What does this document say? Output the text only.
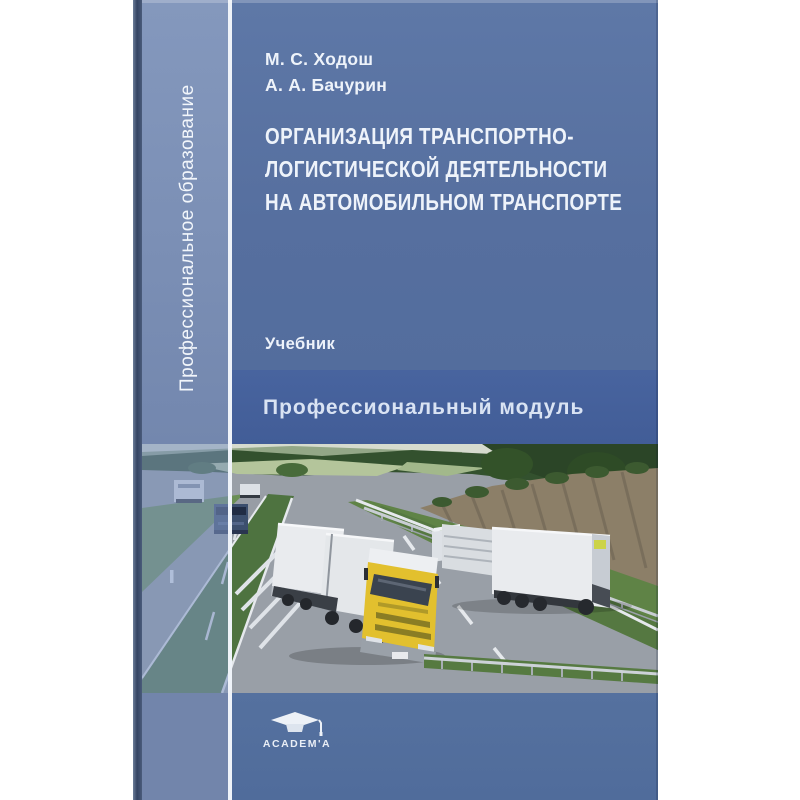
Профессиональное образование
М. С. Ходош
А. А. Бачурин
ОРГАНИЗАЦИЯ ТРАНСПОРТНО-
ЛОГИСТИЧЕСКОЙ ДЕЯТЕЛЬНОСТИ
НА АВТОМОБИЛЬНОМ ТРАНСПОРТЕ
Учебник
Профессиональный модуль
ACADEM'A
